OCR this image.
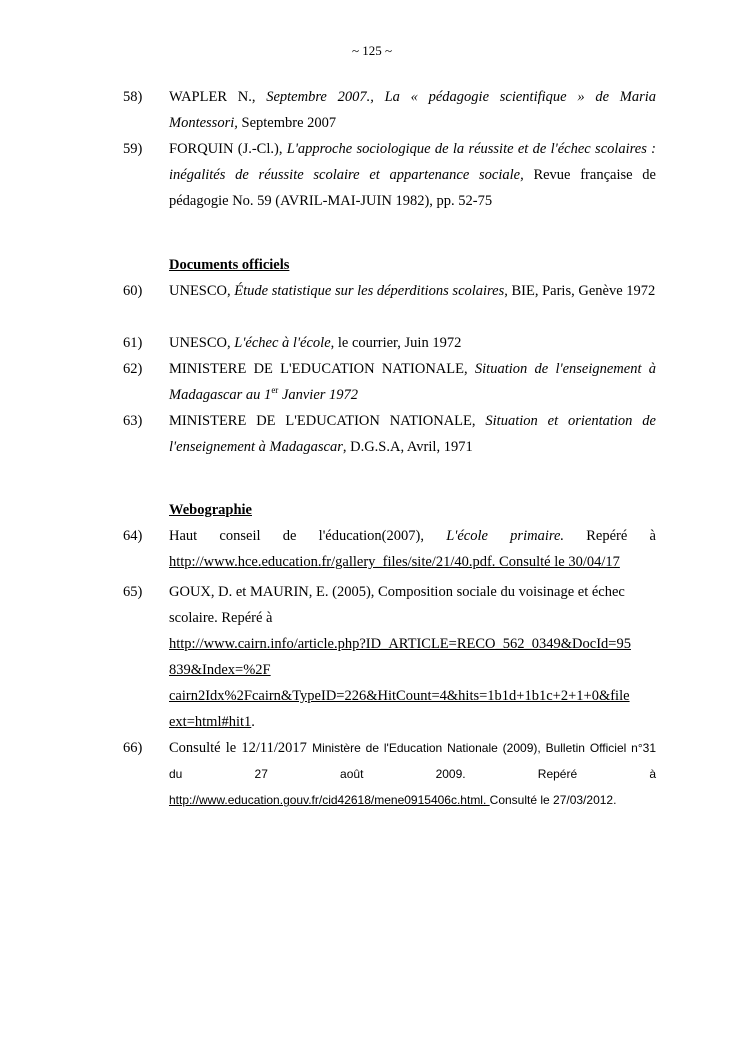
~ 125 ~
58) WAPLER N., Septembre 2007., La « pédagogie scientifique » de Maria Montessori, Septembre 2007
59) FORQUIN (J.-Cl.), L'approche sociologique de la réussite et de l'échec scolaires : inégalités de réussite scolaire et appartenance sociale, Revue française de pédagogie No. 59 (AVRIL-MAI-JUIN 1982), pp. 52-75
Documents officiels
60) UNESCO, Étude statistique sur les déperditions scolaires, BIE, Paris, Genève 1972
61) UNESCO, L'échec à l'école, le courrier, Juin 1972
62) MINISTERE DE L'EDUCATION NATIONALE, Situation de l'enseignement à Madagascar au 1er Janvier 1972
63) MINISTERE DE L'EDUCATION NATIONALE, Situation et orientation de l'enseignement à Madagascar, D.G.S.A, Avril, 1971
Webographie
64) Haut conseil de l'éducation(2007), L'école primaire. Repéré à
http://www.hce.education.fr/gallery_files/site/21/40.pdf. Consulté le 30/04/17
65) GOUX, D. et MAURIN, E. (2005), Composition sociale du voisinage et échec scolaire. Repéré à
http://www.cairn.info/article.php?ID_ARTICLE=RECO_562_0349&DocId=95
839&Index=%2F
cairn2Idx%2Fcairn&TypeID=226&HitCount=4&hits=1b1d+1b1c+2+1+0&file
ext=html#hit1.
66) Consulté le 12/11/2017 Ministère de l'Education Nationale (2009), Bulletin Officiel n°31 du 27 août 2009. Repéré à
http://www.education.gouv.fr/cid42618/mene0915406c.html. Consulté le 27/03/2012.
